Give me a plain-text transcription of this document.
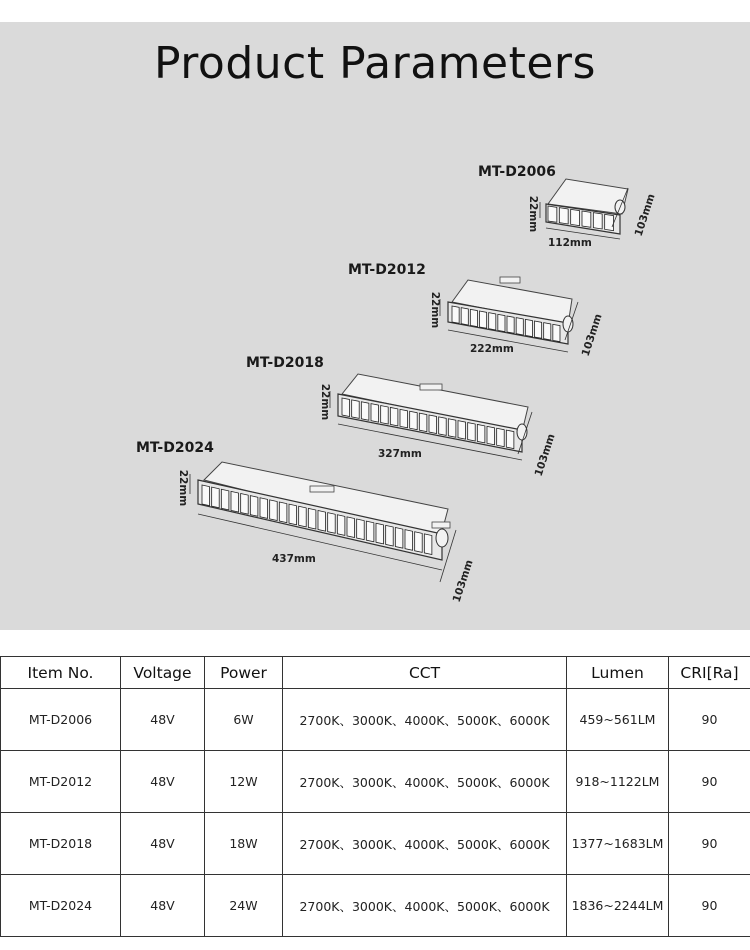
Product Parameters
MT-D2006
22mm
112mm
103mm
MT-D2012
22mm
222mm	103mm
MT-D2018
22mm
327mm	103mm
MT-D2024
22mm
437mm	103mm
Item No.	Voltage	Power	CCT	Lumen	CRI[Ra]
MT-D2006	48V	6W	2700K、3000K、4000K、5000K、6000K	459~561LM	90
MT-D2012	48V	12W	2700K、3000K、4000K、5000K、6000K	918~1122LM	90
MT-D2018	48V	18W	2700K、3000K、4000K、5000K、6000K	1377~1683LM	90
MT-D2024	48V	24W	2700K、3000K、4000K、5000K、6000K	1836~2244LM	90
